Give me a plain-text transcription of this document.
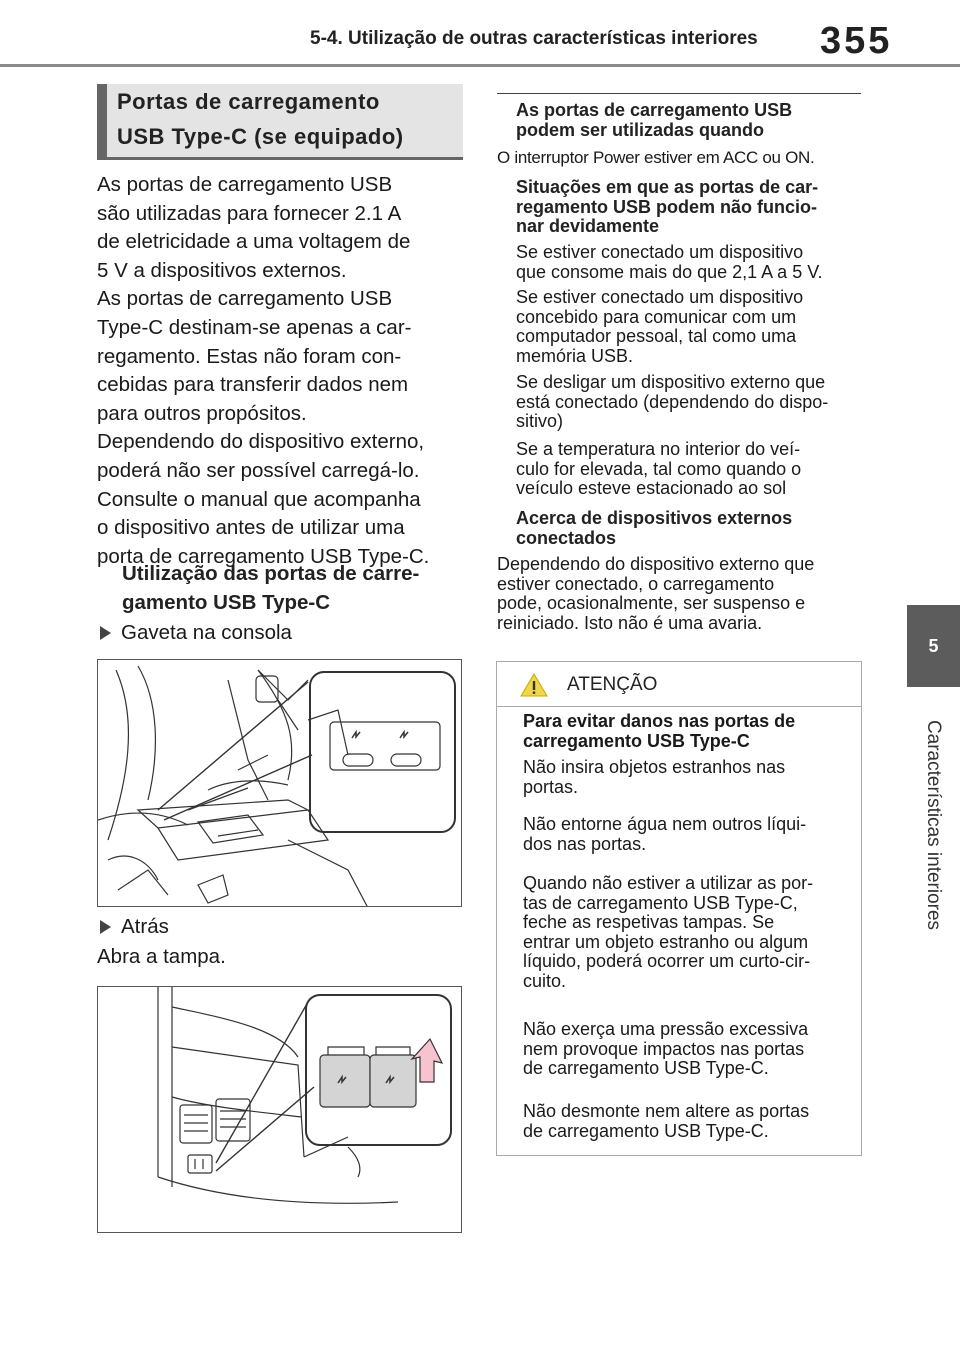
5-4. Utilização de outras características interiores 355
5
Características interiores
Portas de carregamento
USB Type-C (se equipado)
As portas de carregamento USB
são utilizadas para fornecer 2.1 A
de eletricidade a uma voltagem de
5 V a dispositivos externos.
As portas de carregamento USB
Type-C destinam-se apenas a car-
regamento. Estas não foram con-
cebidas para transferir dados nem
para outros propósitos.
Dependendo do dispositivo externo,
poderá não ser possível carregá-lo.
Consulte o manual que acompanha
o dispositivo antes de utilizar uma
porta de carregamento USB Type-C.
Utilização das portas de carre-
gamento USB Type-C
Gaveta na consola
Atrás
Abra a tampa.
As portas de carregamento USB
podem ser utilizadas quando
O interruptor Power estiver em ACC ou ON.
Situações em que as portas de car-
regamento USB podem não funcio-
nar devidamente
Se estiver conectado um dispositivo
que consome mais do que 2,1 A a 5 V.
Se estiver conectado um dispositivo
concebido para comunicar com um
computador pessoal, tal como uma
memória USB.
Se desligar um dispositivo externo que
está conectado (dependendo do dispo-
sitivo)
Se a temperatura no interior do veí-
culo for elevada, tal como quando o
veículo esteve estacionado ao sol
Acerca de dispositivos externos
conectados
Dependendo do dispositivo externo que
estiver conectado, o carregamento
pode, ocasionalmente, ser suspenso e
reiniciado. Isto não é uma avaria.
ATENÇÃO
Para evitar danos nas portas de
carregamento USB Type-C
Não insira objetos estranhos nas
portas.
Não entorne água nem outros líqui-
dos nas portas.
Quando não estiver a utilizar as por-
tas de carregamento USB Type-C,
feche as respetivas tampas. Se
entrar um objeto estranho ou algum
líquido, poderá ocorrer um curto-cir-
cuito.
Não exerça uma pressão excessiva
nem provoque impactos nas portas
de carregamento USB Type-C.
Não desmonte nem altere as portas
de carregamento USB Type-C.
